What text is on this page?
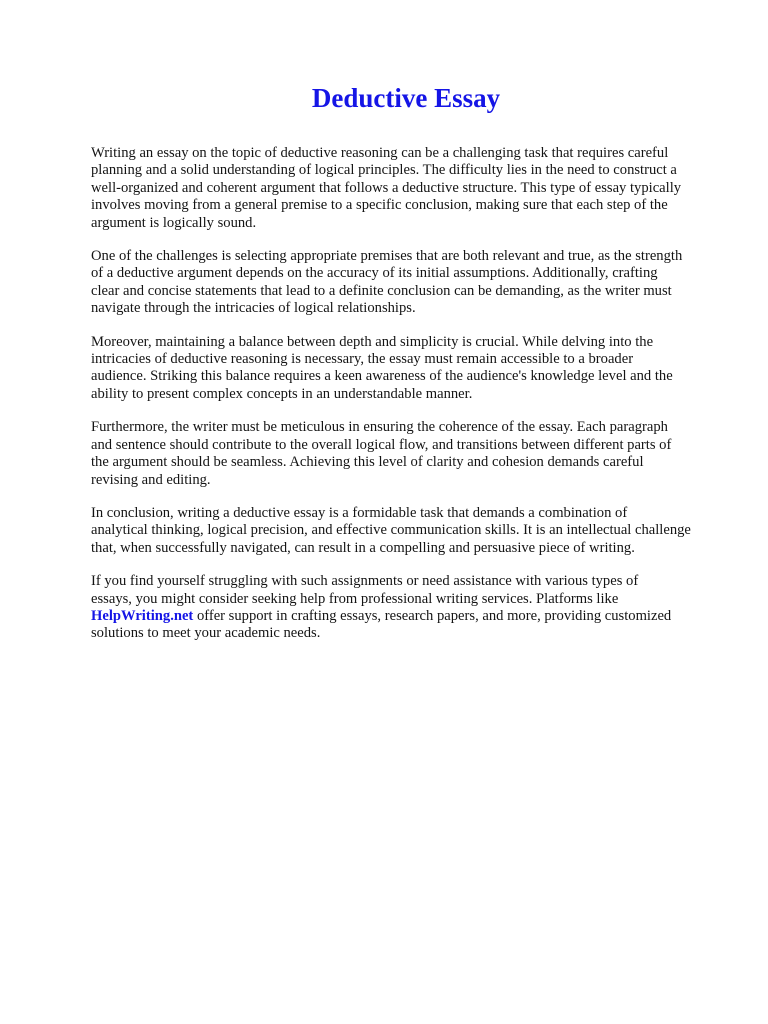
Deductive Essay

Writing an essay on the topic of deductive reasoning can be a challenging task that requires careful
planning and a solid understanding of logical principles. The difficulty lies in the need to construct a
well-organized and coherent argument that follows a deductive structure. This type of essay typically
involves moving from a general premise to a specific conclusion, making sure that each step of the
argument is logically sound.

One of the challenges is selecting appropriate premises that are both relevant and true, as the strength
of a deductive argument depends on the accuracy of its initial assumptions. Additionally, crafting
clear and concise statements that lead to a definite conclusion can be demanding, as the writer must
navigate through the intricacies of logical relationships.

Moreover, maintaining a balance between depth and simplicity is crucial. While delving into the
intricacies of deductive reasoning is necessary, the essay must remain accessible to a broader
audience. Striking this balance requires a keen awareness of the audience's knowledge level and the
ability to present complex concepts in an understandable manner.

Furthermore, the writer must be meticulous in ensuring the coherence of the essay. Each paragraph
and sentence should contribute to the overall logical flow, and transitions between different parts of
the argument should be seamless. Achieving this level of clarity and cohesion demands careful
revising and editing.

In conclusion, writing a deductive essay is a formidable task that demands a combination of
analytical thinking, logical precision, and effective communication skills. It is an intellectual challenge
that, when successfully navigated, can result in a compelling and persuasive piece of writing.

If you find yourself struggling with such assignments or need assistance with various types of
essays, you might consider seeking help from professional writing services. Platforms like
HelpWriting.net offer support in crafting essays, research papers, and more, providing customized
solutions to meet your academic needs.
